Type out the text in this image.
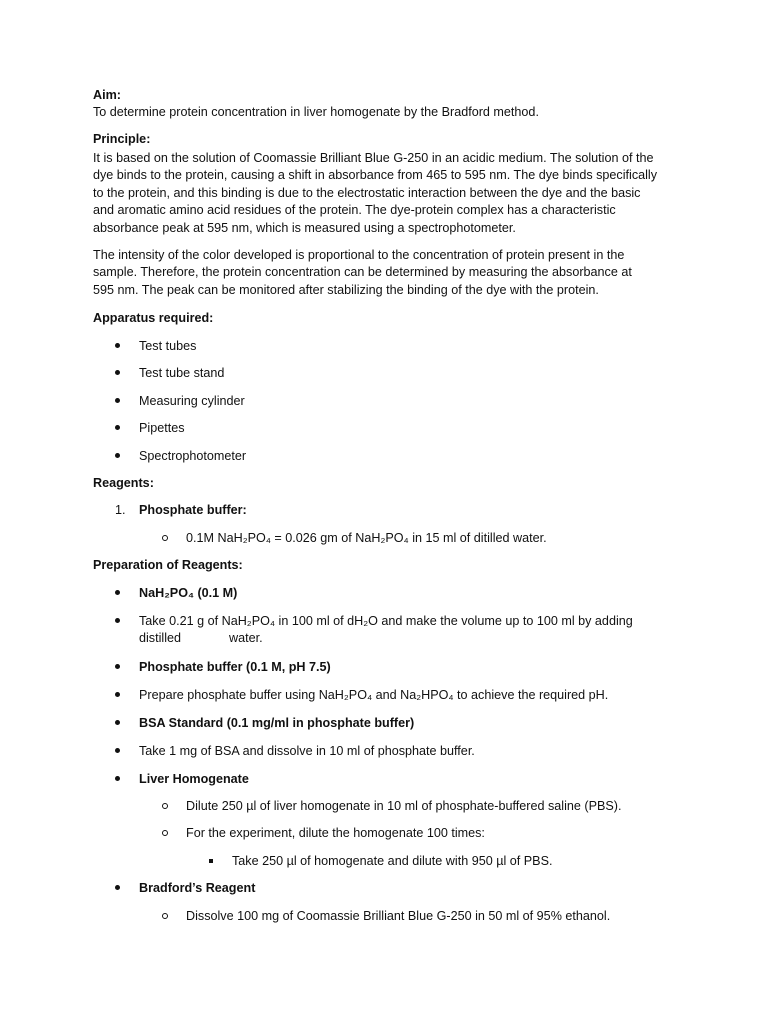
Aim:
To determine protein concentration in liver homogenate by the Bradford method.
Principle:
It is based on the solution of Coomassie Brilliant Blue G-250 in an acidic medium. The solution of the
dye binds to the protein, causing a shift in absorbance from 465 to 595 nm. The dye binds specifically
to the protein, and this binding is due to the electrostatic interaction between the dye and the basic
and aromatic amino acid residues of the protein. The dye-protein complex has a characteristic
absorbance peak at 595 nm, which is measured using a spectrophotometer.
The intensity of the color developed is proportional to the concentration of protein present in the
sample. Therefore, the protein concentration can be determined by measuring the absorbance at
595 nm. The peak can be monitored after stabilizing the binding of the dye with the protein.
Apparatus required:
Test tubes
Test tube stand
Measuring cylinder
Pipettes
Spectrophotometer
Reagents:
1. Phosphate buffer:
0.1M NaH₂PO₄ = 0.026 gm of NaH₂PO₄ in 15 ml of ditilled water.
Preparation of Reagents:
NaH₂PO₄ (0.1 M)
Take 0.21 g of NaH₂PO₄ in 100 ml of dH₂O and make the volume up to 100 ml by adding
distilled	water.
Phosphate buffer (0.1 M, pH 7.5)
Prepare phosphate buffer using NaH₂PO₄ and Na₂HPO₄ to achieve the required pH.
BSA Standard (0.1 mg/ml in phosphate buffer)
Take 1 mg of BSA and dissolve in 10 ml of phosphate buffer.
Liver Homogenate
Dilute 250 µl of liver homogenate in 10 ml of phosphate-buffered saline (PBS).
For the experiment, dilute the homogenate 100 times:
Take 250 µl of homogenate and dilute with 950 µl of PBS.
Bradford’s Reagent
Dissolve 100 mg of Coomassie Brilliant Blue G-250 in 50 ml of 95% ethanol.
